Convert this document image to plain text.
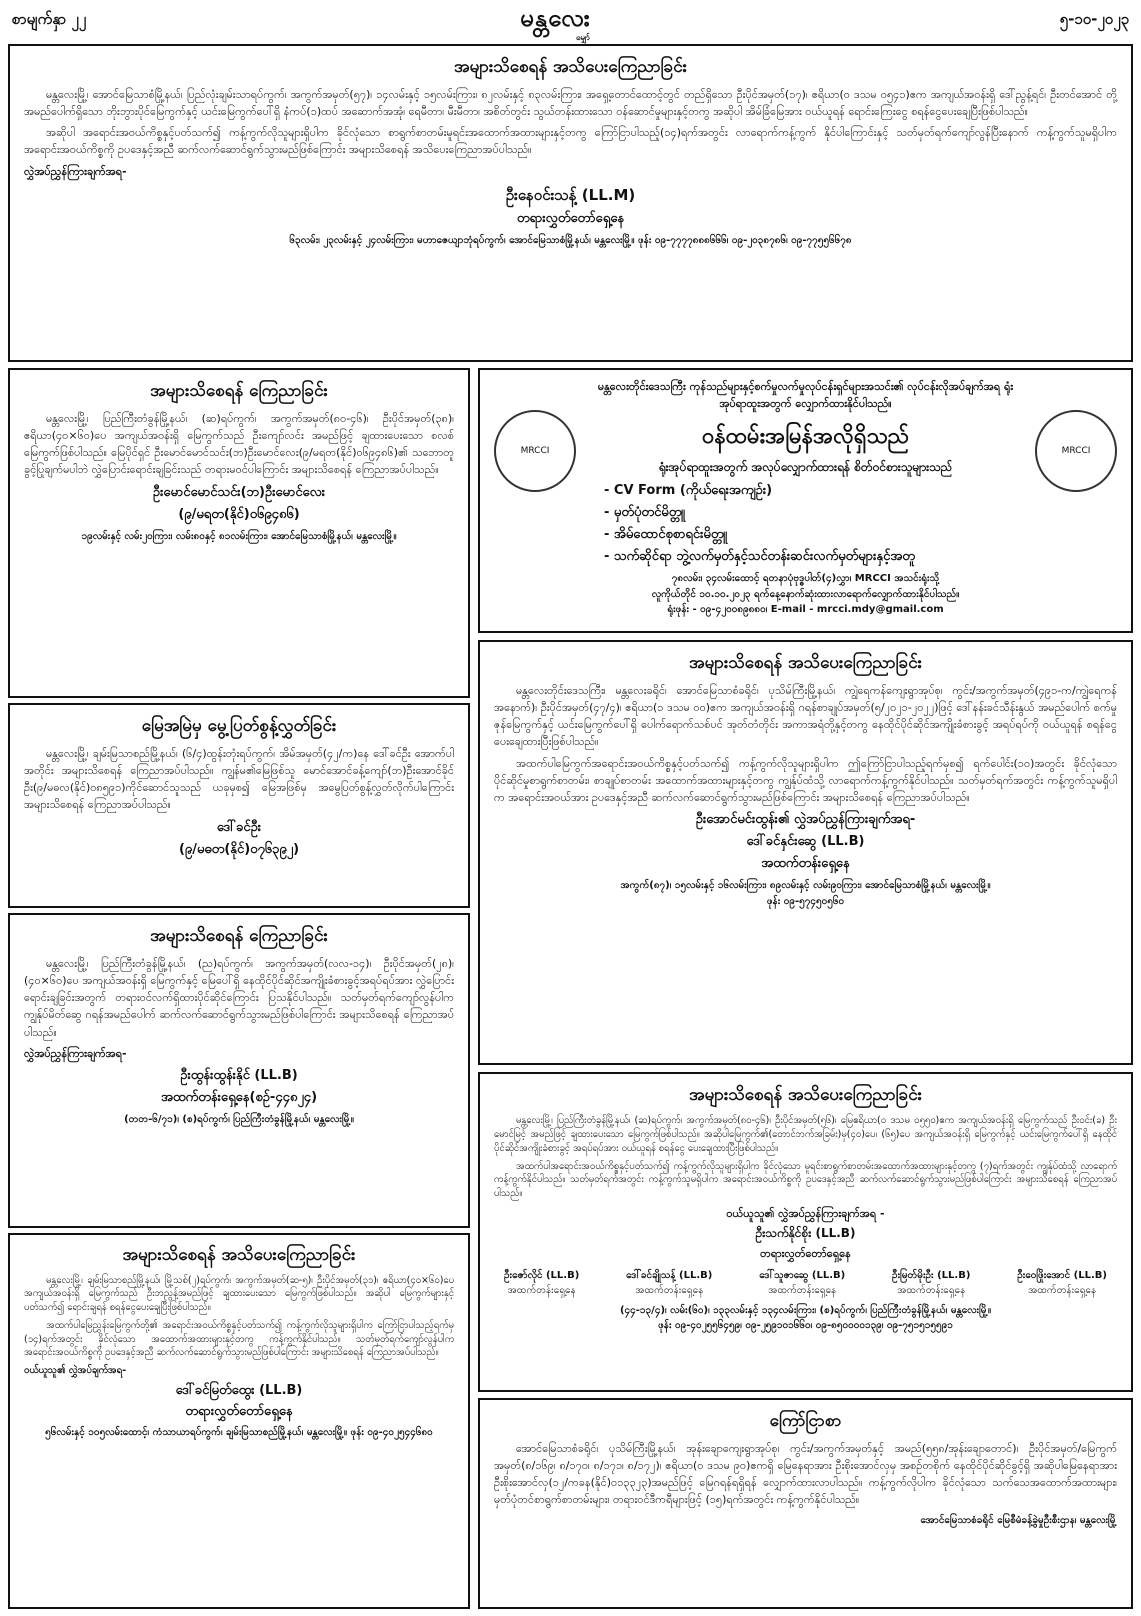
စာမျက်နှာ ၂၂	မန္တလေး
မျှော်
၅-၁၀-၂၀၂၃
အများသိစေရန် အသိပေးကြေညာခြင်း

မန္တလေးမြို့၊ အောင်မြေသာစံမြို့နယ်၊ ပြည်လုံးချမ်းသာရပ်ကွက်၊ အကွက်အမှတ်(၅၇)၊ ၁၄လမ်းနှင့် ၁၅လမ်းကြား၊ ၈၂လမ်းနှင့် ၈၃လမ်းကြား၊ အရှေ့တောင်ထောင့်တွင် တည်ရှိသော ဦးပိုင်အမှတ်(၁၇)၊ ဧရိယာ(၀ ဒသမ ၀၅၄၁)ဧက အကျယ်အဝန်းရှိ ဒေါ်ညွန့်ရင်၊ ဦးတင်အောင် တို့အမည်ပေါက်ရှိသော ဘိုးဘွားပိုင်မြေကွက်နှင့် ယင်းမြေကွက်ပေါ်ရှိ နံကပ်(၁)ထပ် အဆောက်အအုံ၊ ရေမီတာ၊ မီးမီတာ၊ အစိတ်တွင်း သွယ်တန်းထားသော ဝန်ဆောင်မှုများနှင့်တကွ အဆိုပါ အိမ်ခြံမြေအား ဝယ်ယူရန် ရောင်းကြေးငွေ စရန်ငွေပေးချေပြီးဖြစ်ပါသည်။

အဆိုပါ အရောင်းအဝယ်ကိစ္စနှင့်ပတ်သက်၍ ကန့်ကွက်လိုသူများရှိပါက ခိုင်လုံသော စာရွက်စာတမ်းမူရင်းအထောက်အထားများနှင့်တကွ ကြော်ငြာပါသည့်(၁၄)ရက်အတွင်း လာရောက်ကန့်ကွက် နိုင်ပါကြောင်းနှင့် သတ်မှတ်ရက်ကျော်လွန်ပြီးနောက် ကန့်ကွက်သူမရှိပါက အရောင်းအဝယ်ကိစ္စကို ဥပဒေနှင့်အညီ ဆက်လက်ဆောင်ရွက်သွားမည်ဖြစ်ကြောင်း အများသိစေရန် အသိပေးကြေညာအပ်ပါသည်။

လွှဲအပ်ညွှန်ကြားချက်အရ-
ဦးနေဝင်းသန့် (LL.M)
တရားလွှတ်တော်ရှေ့နေ
၆၃လမ်း၊ ၂၃လမ်းနှင့် ၂၄လမ်းကြား၊ မဟာဇေယျာဘုံရပ်ကွက်၊ အောင်မြေသာစံမြို့နယ်၊ မန္တလေးမြို့။ ဖုန်း ၀၉-၇၇၇၇၈၈၈၆၆၆၊ ၀၉-၂၀၃၈၇၈၆၊ ၀၉-၇၇၅၅၆၆၇၈
အများသိစေရန် ကြေညာခြင်း

မန္တလေးမြို့၊ ပြည်ကြီးတံခွန်မြို့နယ်၊ (ဆ)ရပ်ကွက်၊ အကွက်အမှတ်(၈၀-၄၆)၊ ဦးပိုင်အမှတ်(၃၈)၊ ဧရိယာ(၄၀×၆၀)ပေ အကျယ်အဝန်းရှိ မြေကွက်သည် ဦးကျော်လင်း အမည်ဖြင့် ချထားပေးသော စလစ်မြေကွက်ဖြစ်ပါသည်။ မြေပိုင်ရှင် ဦးမောင်မောင်သင်း(ဘ)ဦးမောင်လေး(၉/မရတ(နိုင်)၀၆၉၄၈၆)၏ သဘောတူခွင့်ပြုချက်မပါဘဲ လွှဲပြောင်းရောင်းချခြင်းသည် တရားမဝင်ပါကြောင်း အများသိစေရန် ကြေညာအပ်ပါသည်။

ဦးမောင်မောင်သင်း(ဘ)ဦးမောင်လေး
(၉/မရတ(နိုင်)၀၆၉၄၈၆)
၁၉လမ်းနှင့် လမ်း၂၀ကြား၊ လမ်း၈၀နှင့် ၈၁လမ်းကြား၊ အောင်မြေသာစံမြို့နယ်၊ မန္တလေးမြို့။
မြေအမြဲမှ မွေ့ပြတ်စွန့်လွှတ်ခြင်း

မန္တလေးမြို့၊ ချမ်းမြသာစည်မြို့နယ်၊ (၆/၄)ထွန်းတုံးရပ်ကွက်၊ အိမ်အမှတ်(၄၂/က)နေ ဒေါ်ခင်ဦး အောက်ပါအတိုင်း အများသိစေရန် ကြေညာအပ်ပါသည်။ ကျွန်မ၏မြေဖြစ်သူ မောင်အောင်ခန့်ကျော်(ဘ)ဦးအောင်ခိုင်ဦး(၉/မဓလ(နိုင်)၀၈၅၉၁)ကိုင်ဆောင်သူသည် ယခုမှစ၍ မြေအဖြစ်မှ အမွေပြတ်စွန့်လွှတ်လိုက်ပါကြောင်း အများသိစေရန် ကြေညာအပ်ပါသည်။

ဒေါ်ခင်ဦး
(၉/မဓတ(နိုင်)၀၇၆၃၉၂)
အများသိစေရန် ကြေညာခြင်း

မန္တလေးမြို့၊ ပြည်ကြီးတံခွန်မြို့နယ်၊ (ည)ရပ်ကွက်၊ အကွက်အမှတ်(လလ-၁၄)၊ ဦးပိုင်အမှတ်(၂၈)၊ (၄၀×၆၀)ပေ အကျယ်အဝန်းရှိ မြေကွက်နှင့် မြေပေါ်ရှိ နေထိုင်ပိုင်ဆိုင်အကျိုးခံစားခွင့်အရပ်ရပ်အား လွှဲပြောင်းရောင်းချခြင်းအတွက် တရားဝင်လက်ရှိထားပိုင်ဆိုင်ကြောင်း ပြသနိုင်ပါသည်။ သတ်မှတ်ရက်ကျော်လွန်ပါက ကျွန်ုပ်မိတ်ဆွေ ဂရန်အမည်ပေါက် ဆက်လက်ဆောင်ရွက်သွားမည်ဖြစ်ပါကြောင်း အများသိစေရန် ကြေညာအပ်ပါသည်။

လွှဲအပ်ညွှန်ကြားချက်အရ-
ဦးထွန်းထွန်းနိုင် (LL.B)
အထက်တန်းရှေ့နေ(စဉ်-၄၄၈၂၄)
(တတ-၆/၇၁)၊ (စ)ရပ်ကွက်၊ ပြည်ကြီးတံခွန်မြို့နယ်၊ မန္တလေးမြို့။
အများသိစေရန် အသိပေးကြေညာခြင်း

မန္တလေးမြို့၊ ချမ်းမြသာစည်မြို့နယ်၊ မြို့သစ်(၂)ရပ်ကွက်၊ အကွက်အမှတ်(ဆ-၅)၊ ဦးပိုင်အမှတ်(၃၁)၊ ဧရိယာ(၄၀×၆၀)ပေ အကျယ်အဝန်းရှိ မြေကွက်သည် ဦးဘညွန့်အမည်ဖြင့် ချထားပေးသော မြေကွက်ဖြစ်ပါသည်။ အဆိုပါ မြေကွက်များနှင့်ပတ်သက်၍ ရောင်းချရန် စရန်ငွေပေးချေပြီးဖြစ်ပါသည်။

အထက်ပါမြေညွှန်းမြေကွက်တို့၏ အရောင်းအဝယ်ကိစ္စနှင့်ပတ်သက်၍ ကန့်ကွက်လိုသူများရှိပါက ကြော်ငြာပါသည့်ရက်မှ (၁၄)ရက်အတွင်း ခိုင်လုံသော အထောက်အထားများနှင့်တကွ ကန့်ကွက်နိုင်ပါသည်။ သတ်မှတ်ရက်ကျော်လွန်ပါက အရောင်းအဝယ်ကိစ္စကို ဥပဒေနှင့်အညီ ဆက်လက်ဆောင်ရွက်သွားမည်ဖြစ်ပါကြောင်း အများသိစေရန် ကြေညာအပ်ပါသည်။

ဝယ်ယူသူ၏ လွှဲအပ်ချက်အရ-
ဒေါ်ခင်မြတ်ထွေး (LL.B)
တရားလွှတ်တော်ရှေ့နေ
၅၆လမ်းနှင့် ၁၀၅လမ်းထောင့်၊ ကံသာယာရပ်ကွက်၊ ချမ်းမြသာစည်မြို့နယ်၊ မန္တလေးမြို့။ ဖုန်း ၀၉-၄၀၂၅၄၄၆၈၀
မန္တလေးတိုင်းဒေသကြီး ကုန်သည်များနှင့်စက်မှုလက်မှုလုပ်ငန်းရှင်များအသင်း၏ လုပ်ငန်းလိုအပ်ချက်အရ ရုံးအုပ်ရာထူးအတွက် လျှောက်ထားနိုင်ပါသည်။
MRCCI	MRCCI
ဝန်ထမ်းအမြန်အလိုရှိသည်
ရုံးအုပ်ရာထူးအတွက် အလုပ်လျှောက်ထားရန် စိတ်ဝင်စားသူများသည်
- CV Form (ကိုယ်ရေးအကျဉ်း)
- မှတ်ပုံတင်မိတ္တူ
- အိမ်ထောင်စုစာရင်းမိတ္တူ
- သက်ဆိုင်ရာ ဘွဲ့လက်မှတ်နှင့်သင်တန်းဆင်းလက်မှတ်များနှင့်အတူ
၇၈လမ်း၊ ၃၄လမ်းထောင့် ရတနာပုံဗုဒ္ဓပါတ်(၄)လွှာ၊ MRCCI အသင်းရုံးသို့
လူကိုယ်တိုင် ၁၀.၁၀.၂၀၂၃ ရက်နေ့နောက်ဆုံးထားလာရောက်လျှောက်ထားနိုင်ပါသည်။
ရုံးဖုန်း - ၀၉-၄၂၀၀၈၉၈၈၀၊ E-mail - mrcci.mdy@gmail.com
အများသိစေရန် အသိပေးကြေညာခြင်း

မန္တလေးတိုင်းဒေသကြီး၊ မန္တလေးခရိုင်၊ အောင်မြေသာစံခရိုင်၊ ပုသိမ်ကြီးမြို့နယ်၊ ကျွဲရေကန်ကျေးရွာအုပ်စု၊ ကွင်း/အကွက်အမှတ်(၄၉၁-က/ကျွဲရေကန် အနောက်)၊ ဦးပိုင်အမှတ်(၄၇/၄)၊ ဧရိယာ(၁ ဒသမ ၀၀)ဧက အကျယ်အဝန်းရှိ ဂရန်စာချုပ်အမှတ်(၅/၂၀၂၁-၂၀၂၂)ဖြင့် ဒေါ်နန်းခင်သီန်းနွယ် အမည်ပေါက် စက်မှုဇုန်မြေကွက်နှင့် ယင်းမြေကွက်ပေါ်ရှိ ပေါက်ရောက်သစ်ပင် အုတ်တံတိုင်း အကာအရံတို့နှင့်တကွ နေထိုင်ပိုင်ဆိုင်အကျိုးခံစားခွင့် အရပ်ရပ်ကို ဝယ်ယူရန် စရန်ငွေ ပေးချေထားပြီးဖြစ်ပါသည်။

အထက်ပါမြေကွက်အရောင်းအဝယ်ကိစ္စနှင့်ပတ်သက်၍ ကန့်ကွက်လိုသူများရှိပါက ဤကြော်ငြာပါသည့်ရက်မှစ၍ ရက်ပေါင်း(၁၀)အတွင်း ခိုင်လုံသော ပိုင်ဆိုင်မှုစာရွက်စာတမ်း၊ စာချုပ်စာတမ်း အထောက်အထားများနှင့်တကွ ကျွန်ုပ်ထံသို့ လာရောက်ကန့်ကွက်နိုင်ပါသည်။ သတ်မှတ်ရက်အတွင်း ကန့်ကွက်သူမရှိပါက အရောင်းအဝယ်အား ဥပဒေနှင့်အညီ ဆက်လက်ဆောင်ရွက်သွားမည်ဖြစ်ကြောင်း အများသိစေရန် ကြေညာအပ်ပါသည်။

ဦးအောင်မင်းထွန်း၏ လွှဲအပ်ညွှန်ကြားချက်အရ-
ဒေါ်ခင်နှင်းဆွေ (LL.B)
အထက်တန်းရှေ့နေ
အကွက်(၈၇)၊ ၁၅လမ်းနှင့် ၁၆လမ်းကြား၊ ၈၉လမ်းနှင့် လမ်း၉၀ကြား၊ အောင်မြေသာစံမြို့နယ်၊ မန္တလေးမြို့။
ဖုန်း ၀၉-၅၇၄၅၀၅၆၀
အများသိစေရန် အသိပေးကြေညာခြင်း

မန္တလေးမြို့၊ ပြည်ကြီးတံခွန်မြို့နယ်၊ (ဆ)ရပ်ကွက်၊ အကွက်အမှတ်(၈၀-၄၆)၊ ဦးပိုင်အမှတ်(၅၆)၊ မြေဧရိယာ(၀ ဒသမ ၀၅၅၀)ဧက အကျယ်အဝန်းရှိ မြေကွက်သည် ဦးဝင်း(ခ) ဦးမောင်မြင့် အမည်ဖြင့် ချထားပေးသော မြေကွက်ဖြစ်ပါသည်။ အဆိုပါမြေကွက်၏(တောင်ဘက်အခြမ်း)မှ(၄၀)ပေ၊ (၆၅)ပေ အကျယ်အဝန်းရှိ မြေကွက်နှင့် ယင်းမြေကွက်ပေါ်ရှိ နေထိုင်ပိုင်ဆိုင်အကျိုးခံစားခွင့် အရပ်ရပ်အား ဝယ်ယူရန် စရန်ငွေ ပေးချေထားပြီးဖြစ်ပါသည်။

အထက်ပါအရောင်းအဝယ်ကိစ္စနှင့်ပတ်သက်၍ ကန့်ကွက်လိုသူများရှိပါက ခိုင်လုံသော မူရင်းစာရွက်စာတမ်းအထောက်အထားများနှင့်တကွ (၇)ရက်အတွင်း ကျွန်ုပ်ထံသို့ လာရောက်ကန့်ကွက်နိုင်ပါသည်။ သတ်မှတ်ရက်အတွင်း ကန့်ကွက်သူမရှိပါက အရောင်းအဝယ်ကိစ္စကို ဥပဒေနှင့်အညီ ဆက်လက်ဆောင်ရွက်သွားမည်ဖြစ်ပါကြောင်း အများသိစေရန် ကြေညာအပ်ပါသည်။

ဝယ်ယူသူ၏ လွှဲအပ်ညွှန်ကြားချက်အရ -
ဦးသက်နိုင်စိုး (LL.B)
တရားလွှတ်တော်ရှေ့နေ
ဦးဇော်လိုင် (LL.B)
အထက်တန်းရှေ့နေ
ဒေါ်ခင်ချိုသန့် (LL.B)
အထက်တန်းရှေ့နေ
ဒေါ်သူဇာဆွေ (LL.B)
အထက်တန်းရှေ့နေ
ဦးမြတ်မိုးဦး (LL.B)
အထက်တန်းရှေ့နေ
ဦးဝေဖြိုးအောင် (LL.B)
အထက်တန်းရှေ့နေ
(၄၄-၁၃/၄)၊ လမ်း(၆၀)၊ ၁၃၃လမ်းနှင့် ၁၃၄လမ်းကြား၊ (စ)ရပ်ကွက်၊ ပြည်ကြီးတံခွန်မြို့နယ်၊ မန္တလေးမြို့။
ဖုန်း ၀၉-၄၀၂၅၅၆၄၅၉၊ ၀၉-၂၅၉၁၀၁၆၆၀၊ ၀၉-၈၅၀၀၀၀၁၃၉၊ ၀၉-၇၅၁၅၁၅၅၉၁
ကြော်ငြာစာ

အောင်မြေသာစံခရိုင်၊ ပုသိမ်ကြီးမြို့နယ်၊ အုန်းချောကျေးရွာအုပ်စု၊ ကွင်း/အကွက်အမှတ်နှင့် အမည်(၅၅၈/အုန်းချောတောင်)၊ ဦးပိုင်အမှတ်/မြေကွက်အမှတ်(၈/၁၆၉၊ ၈/၁၇၀၊ ၈/၁၇၁၊ ၈/၁၇၂)၊ ဧရိယာ(၀ ဒသမ ၉၀)ဧကရှိ မြေနေရာအား ဦးစိုးအောင်လှမှ အစဉ်တစိုက် နေထိုင်ပိုင်ဆိုင်ခွင့်ရှိ အဆိုပါမြေနေရာအား ဦးစိုးအောင်လှ(၁၂/ကခန(နိုင်)၀၁၃၃၂၃)အမည်ဖြင့် မြေဂရန်ရရှိရန် လျှောက်ထားလာပါသည်။ ကန့်ကွက်လိုပါက ခိုင်လုံသော သက်သေအထောက်အထားများ၊ မှတ်ပုံတင်စာရွက်စာတမ်းများ၊ တရားဝင်ဒီကရီများဖြင့် (၁၅)ရက်အတွင်း ကန့်ကွက်နိုင်ပါသည်။

အောင်မြေသာစံခရိုင် မြေစီမံခန့်ခွဲမှုဦးစီးဌာန၊ မန္တလေးမြို့
